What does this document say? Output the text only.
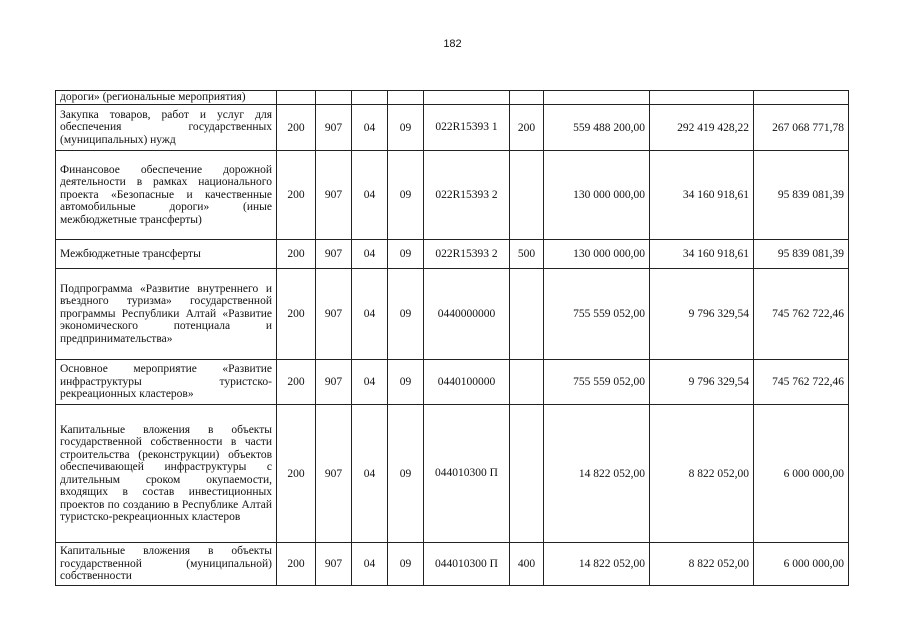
182
дороги» (региональные мероприятия)									
Закупка товаров, работ и услуг для обеспечения государственных (муниципальных) нужд	200	907	04	09	022R15393 1	200	559 488 200,00	292 419 428,22	267 068 771,78
Финансовое обеспечение дорожной деятельности в рамках национального проекта «Безопасные и качественные автомобильные дороги» (иные межбюджетные трансферты)	200	907	04	09	022R15393 2		130 000 000,00	34 160 918,61	95 839 081,39
Межбюджетные трансферты	200	907	04	09	022R15393 2	500	130 000 000,00	34 160 918,61	95 839 081,39
Подпрограмма «Развитие внутреннего и въездного туризма» государственной программы Республики Алтай «Развитие экономического потенциала и предпринимательства»	200	907	04	09	0440000000		755 559 052,00	9 796 329,54	745 762 722,46
Основное мероприятие «Развитие инфраструктуры туристско-рекреационных кластеров»	200	907	04	09	0440100000		755 559 052,00	9 796 329,54	745 762 722,46
Капитальные вложения в объекты государственной собственности в части строительства (реконструкции) объектов обеспечивающей инфраструктуры с длительным сроком окупаемости, входящих в состав инвестиционных проектов по созданию в Республике Алтай туристско-рекреационных кластеров	200	907	04	09	044010300 П		14 822 052,00	8 822 052,00	6 000 000,00
Капитальные вложения в объекты государственной (муниципальной) собственности	200	907	04	09	044010300 П	400	14 822 052,00	8 822 052,00	6 000 000,00
